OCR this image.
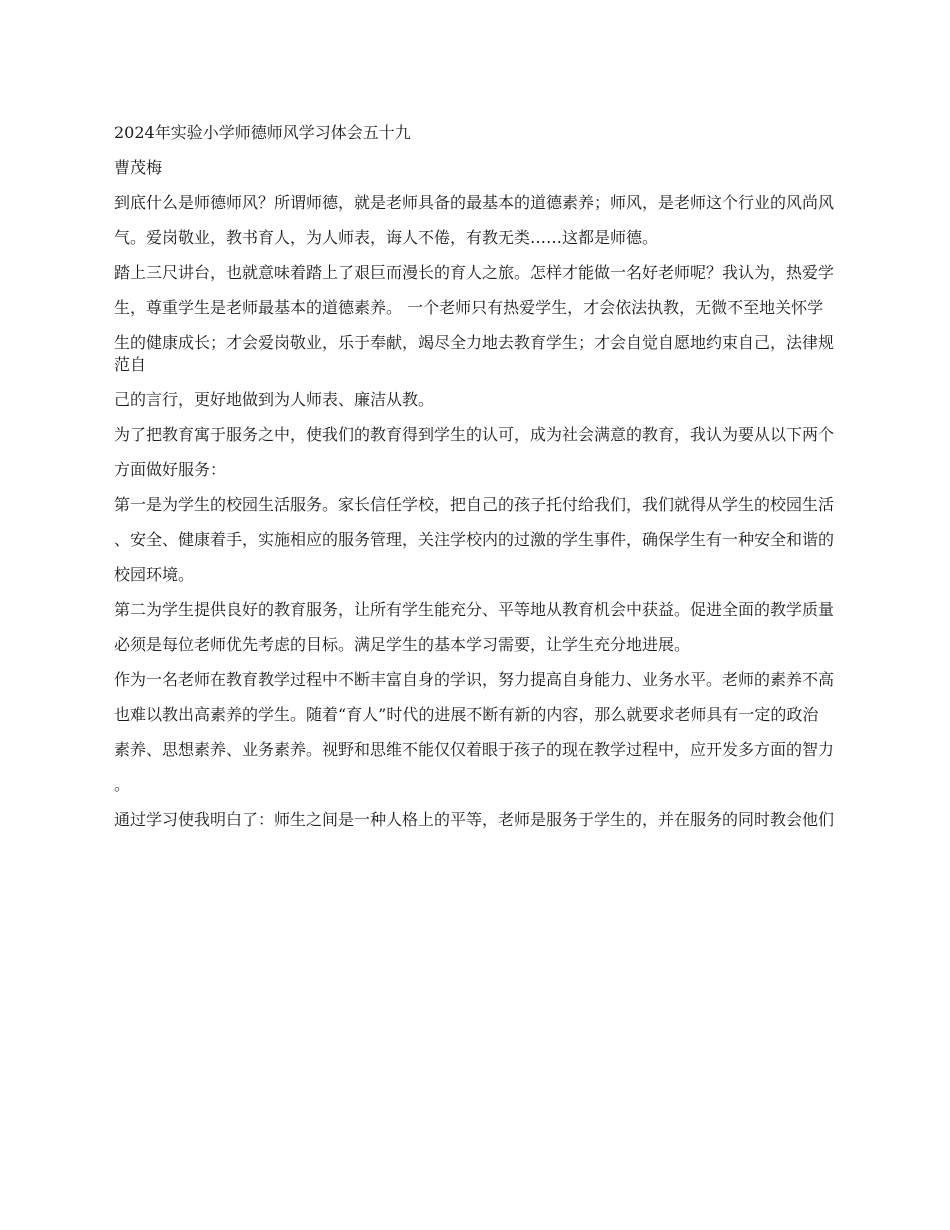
2024年实验小学师德师风学习体会五十九
曹茂梅
到底什么是师德师风？所谓师德，就是老师具备的最基本的道德素养；师风，是老师这个行业的风尚风
气。爱岗敬业，教书育人，为人师表，诲人不倦，有教无类……这都是师德。
踏上三尺讲台，也就意味着踏上了艰巨而漫长的育人之旅。怎样才能做一名好老师呢？我认为，热爱学
生，尊重学生是老师最基本的道德素养。 一个老师只有热爱学生，才会依法执教，无微不至地关怀学
生的健康成长；才会爱岗敬业，乐于奉献，竭尽全力地去教育学生；才会自觉自愿地约束自己，法律规范自
己的言行，更好地做到为人师表、廉洁从教。
为了把教育寓于服务之中，使我们的教育得到学生的认可，成为社会满意的教育，我认为要从以下两个
方面做好服务：
第一是为学生的校园生活服务。家长信任学校，把自己的孩子托付给我们，我们就得从学生的校园生活
、安全、健康着手，实施相应的服务管理，关注学校内的过激的学生事件，确保学生有一种安全和谐的
校园环境。
第二为学生提供良好的教育服务，让所有学生能充分、平等地从教育机会中获益。促进全面的教学质量
必须是每位老师优先考虑的目标。满足学生的基本学习需要，让学生充分地进展。
作为一名老师在教育教学过程中不断丰富自身的学识，努力提高自身能力、业务水平。老师的素养不高
也难以教出高素养的学生。随着“育人”时代的进展不断有新的内容，那么就要求老师具有一定的政治
素养、思想素养、业务素养。视野和思维不能仅仅着眼于孩子的现在教学过程中，应开发多方面的智力
。
通过学习使我明白了：师生之间是一种人格上的平等，老师是服务于学生的，并在服务的同时教会他们
